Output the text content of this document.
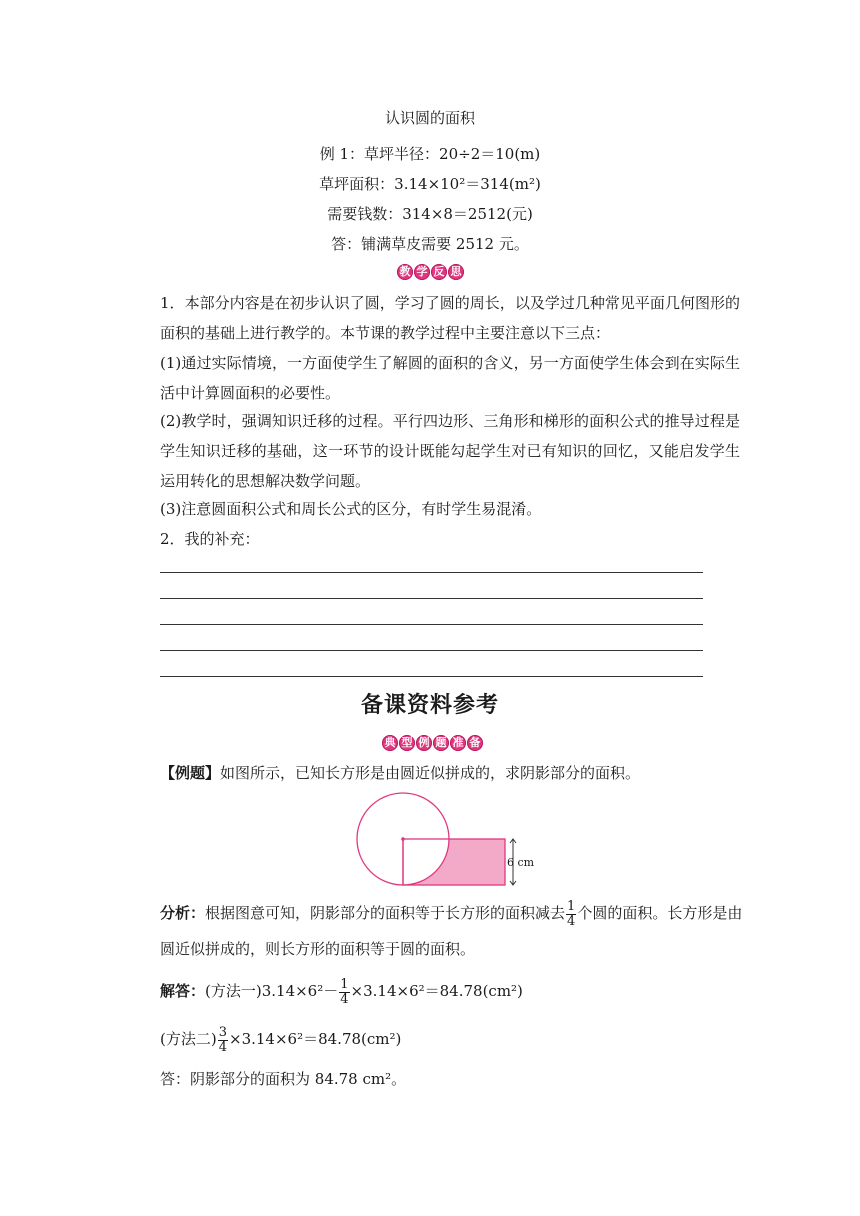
认识圆的面积
例 1：草坪半径：20÷2＝10(m)
草坪面积：3.14×10²＝314(m²)
需要钱数：314×8＝2512(元)
答：铺满草皮需要 2512 元。
教 学 反 思
1．本部分内容是在初步认识了圆，学习了圆的周长，以及学过几种常见平面几何图形的面积的基础上进行教学的。本节课的教学过程中主要注意以下三点：
(1)通过实际情境，一方面使学生了解圆的面积的含义，另一方面使学生体会到在实际生活中计算圆面积的必要性。
(2)教学时，强调知识迁移的过程。平行四边形、三角形和梯形的面积公式的推导过程是学生知识迁移的基础，这一环节的设计既能勾起学生对已有知识的回忆，又能启发学生运用转化的思想解决数学问题。
(3)注意圆面积公式和周长公式的区分，有时学生易混淆。
2．我的补充：
备课资料参考
典 型 例 题 准 备
【例题】如图所示，已知长方形是由圆近似拼成的，求阴影部分的面积。
6 cm
分析：根据图意可知，阴影部分的面积等于长方形的面积减去 $\frac{1}{4}$ 个圆的面积。长方形是由
圆近似拼成的，则长方形的面积等于圆的面积。
解答：(方法一)$3.14\times 6^2- \frac{1}{4} \times 3.14\times 6^2=84.78(cm^2)$
(方法二) $\frac{3}{4} \times 3.14\times 6^2=84.78(cm^2)$
答：阴影部分的面积为 84.78 cm²。
